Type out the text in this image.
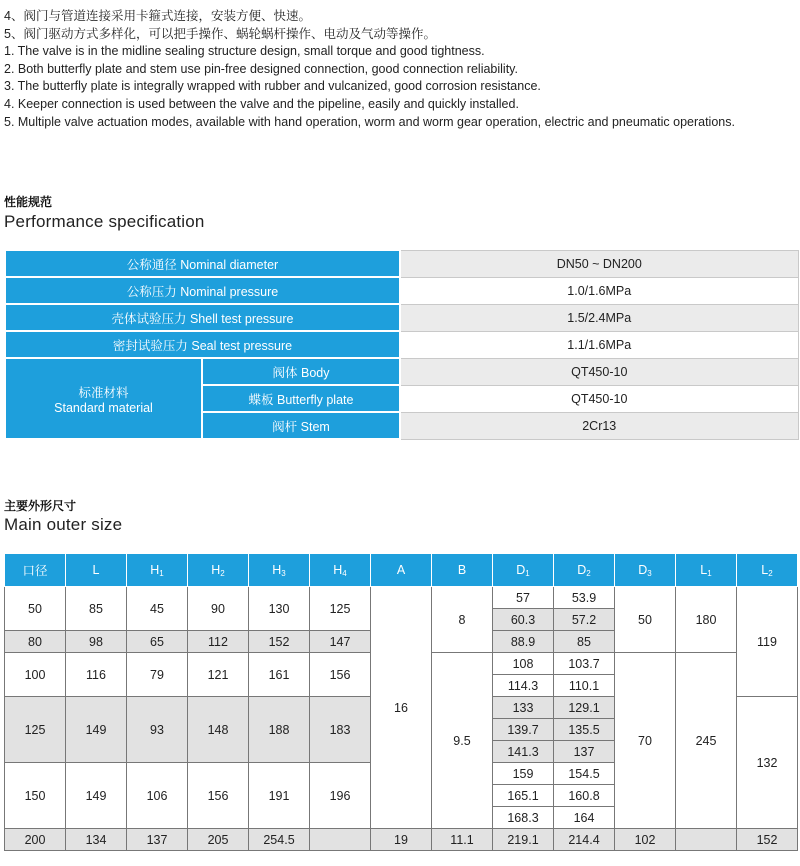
4、阀门与管道连接采用卡箍式连接，安装方便、快速。
5、阀门驱动方式多样化，可以把手操作、蜗轮蜗杆操作、电动及气动等操作。
1. The valve is in the midline sealing structure design, small torque and good tightness.
2. Both butterfly plate and stem use pin-free designed connection, good connection reliability.
3. The butterfly plate is integrally wrapped with rubber and vulcanized, good corrosion resistance.
4. Keeper connection is used between the valve and the pipeline, easily and quickly installed.
5. Multiple valve actuation modes, available with hand operation, worm and worm gear operation, electric and pneumatic operations.
性能规范
Performance specification
公称通径 Nominal diameter		DN50 ~ DN200
公称压力 Nominal pressure		1.0/1.6MPa
壳体试验压力 Shell test pressure		1.5/2.4MPa
密封试验压力 Seal test pressure		1.1/1.6MPa

标准材料
Standard material	阀体 Body	QT450-10
	蝶板 Butterfly plate	QT450-10
	阀杆 Stem	2Cr13
主要外形尺寸
Main outer size
口径	L	$H_1$	$H_2$	$H_3$	$H_4$	A	B	$D_1$	$D_2$	$D_3$	$L_1$	$L_2$
50	85	45	90	130	125	16	8	57	53.9	50	180	119
								60.3	57.2			
80	98	65	112	152	147			88.9	85			
100	116	79	121	161	156		9.5	108	103.7	70	245	
								114.3	110.1			
125	149	93	148	188	183			133	129.1			132
								139.7	135.5			
								141.3	137			
150	149	106	156	191	196			159	154.5			
								165.1	160.8			
								168.3	164			
200	134	137	205	254.5		19	11.1	219.1	214.4	102		152
